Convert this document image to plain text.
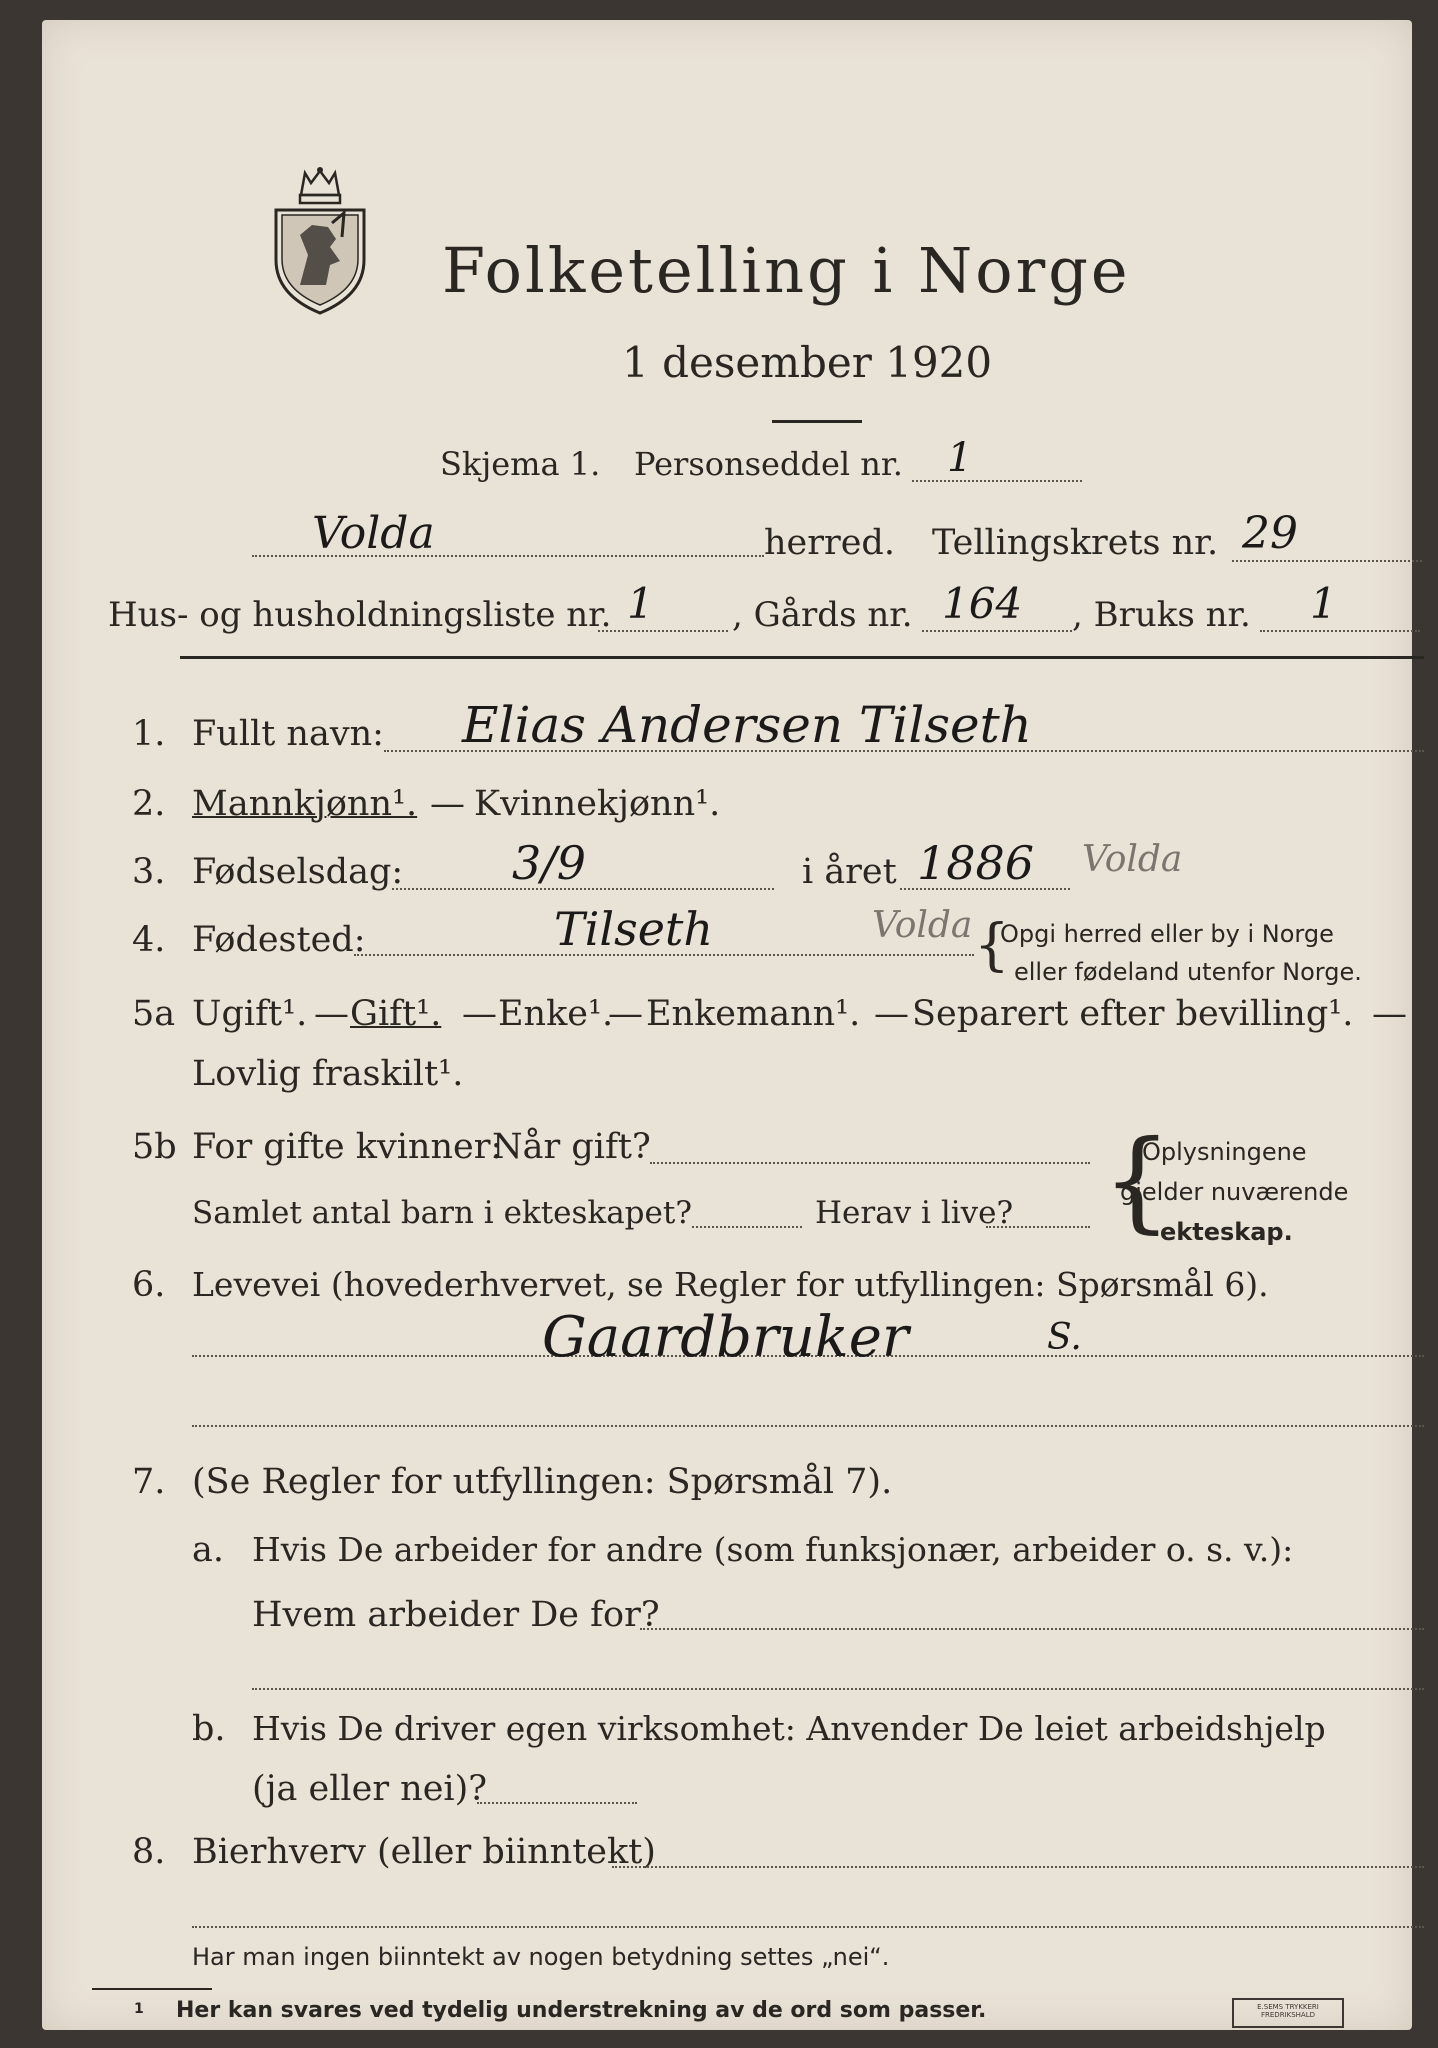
Folketelling i Norge
1 desember 1920
Skjema 1. Personseddel nr. 1
Volda	herred. Tellingskrets nr. 29
Hus- og husholdningsliste nr. 1 , Gårds nr. 164 , Bruks nr. 1
1. Fullt navn: Elias Andersen Tilseth
2. Mannkjønn¹. — Kvinnekjønn¹.
3. Fødselsdag: 3/9	i året 1886 Volda
4. Fødested:	Tilseth	Volda {
Opgi herred eller by i Norge
eller fødeland utenfor Norge.
5a Ugift¹. — Gift¹. — Enke¹.
— Enkemann¹. — Separert efter bevilling¹. —
Lovlig fraskilt¹.
5b For gifte kvinner:
Når gift?
Samlet antal barn i ekteskapet?	Herav i live? {
Oplysningene
gjelder nuværende
ekteskap.
6. Levevei (hovederhvervet, se Regler for utfyllingen: Spørsmål 6).
Gaardbruker	S.
7. (Se Regler for utfyllingen: Spørsmål 7).
a. Hvis De arbeider for andre (som funksjonær, arbeider o. s. v.):
Hvem arbeider De for?
b. Hvis De driver egen virksomhet: Anvender De leiet arbeidshjelp
(ja eller nei)?
8. Bierhverv (eller biinntekt)
Har man ingen biinntekt av nogen betydning settes „nei“.
1 Her kan svares ved tydelig understrekning av de ord som passer.	E.SEMS TRYKKERI
FREDRIKSHALD
